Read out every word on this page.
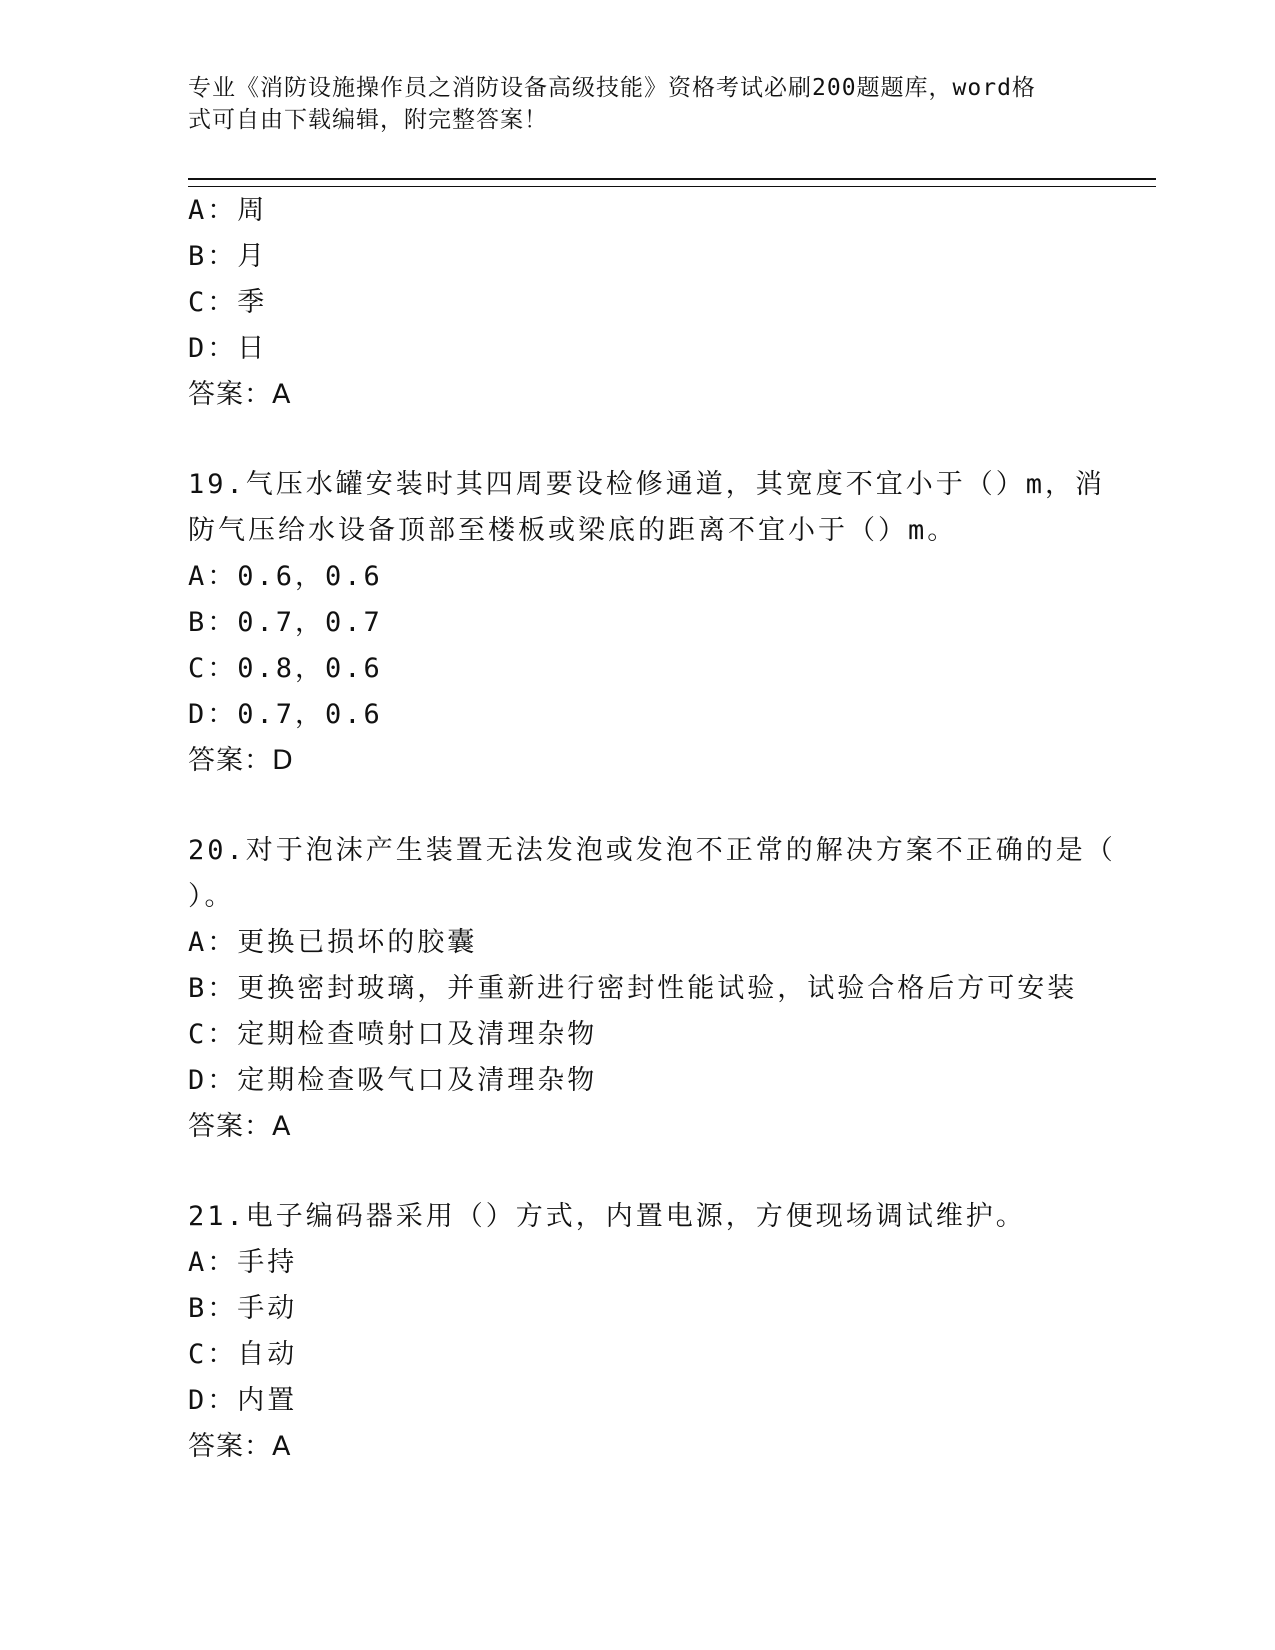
专业《消防设施操作员之消防设备高级技能》资格考试必刷200题题库，word格
式可自由下载编辑，附完整答案！
A：周
B：月
C：季
D：日
答案：A
19.气压水罐安装时其四周要设检修通道，其宽度不宜小于（）m，消
防气压给水设备顶部至楼板或梁底的距离不宜小于（）m。
A：0.6，0.6
B：0.7，0.7
C：0.8，0.6
D：0.7，0.6
答案：D
20.对于泡沫产生装置无法发泡或发泡不正常的解决方案不正确的是（
）。
A：更换已损坏的胶囊
B：更换密封玻璃，并重新进行密封性能试验，试验合格后方可安装
C：定期检查喷射口及清理杂物
D：定期检查吸气口及清理杂物
答案：A
21.电子编码器采用（）方式，内置电源，方便现场调试维护。
A：手持
B：手动
C：自动
D：内置
答案：A
